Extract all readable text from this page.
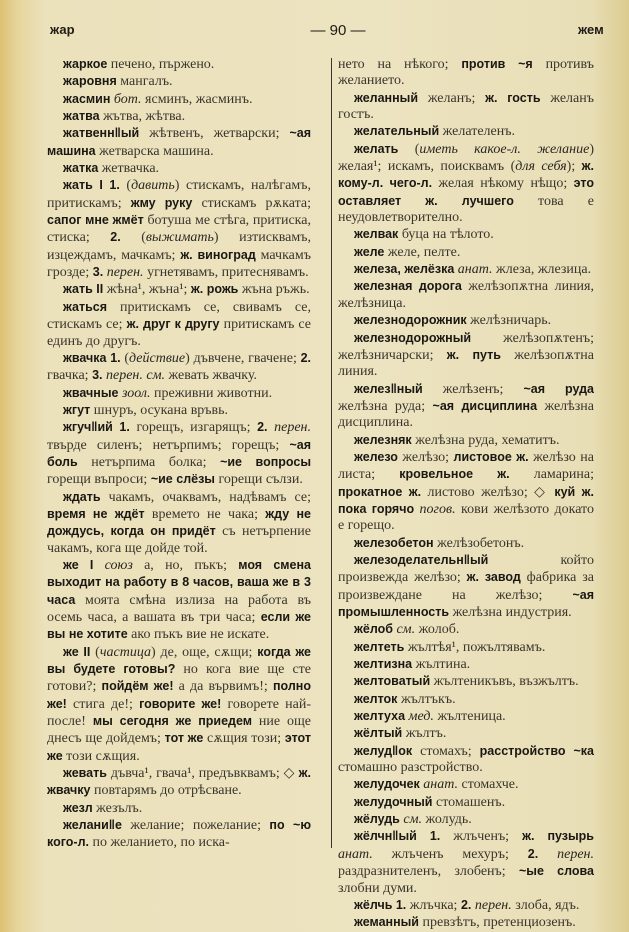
жар	— 90 —	жем

жаркое печено, пържено.

жаровня мангалъ.

жасмин бот. ясминъ, жасминъ.

жатва жътва, жѣтва.

жатвенн‖ый жѣтвенъ, жетварски; ~ая машина жетварска машина.

жатка жетвачка.

жать I 1. (давить) стискамъ, налѣгамъ, притискамъ; жму руку стискамъ рѫката; сапог мне жмёт ботуша ме стѣга, притиска, стиска; 2. (выжимать) изтисквамъ, изцеждамъ, мачкамъ; ж. виноград мачкамъ грозде; 3. перен. угнетявамъ, притеснявамъ.

жать II жѣна¹, жъна¹; ж. рожь жъна ръжь.

жаться притискамъ се, свивамъ се, стискамъ се; ж. друг к другу притискамъ се единъ до другъ.

жвачка 1. (действие) дъвчене, гвачене; 2. гвачка; 3. перен. см. жевать жвачку.

жвачные зоол. преживни животни.

жгут шнуръ, осукана връвь.

жгуч‖ий 1. горещъ, изгарящъ; 2. перен. твърде силенъ; нетърпимъ; горещъ; ~ая боль нетърпима болка; ~ие вопросы горещи въпроси; ~ие слёзы горещи сълзи.

ждать чакамъ, очаквамъ, надѣвамъ се; время не ждёт времето не чака; жду не дождусь, когда он придёт съ нетърпение чакамъ, кога ще дойде той.

же I союз а, но, пъкъ; моя смена выходит на работу в 8 часов, ваша же в 3 часа моята смѣна излиза на работа въ осемь часа, а вашата въ три часа; если же вы не хотите ако пъкъ вие не искате.

же II (частица) де, още, сѫщи; когда же вы будете готовы? но кога вие ще сте готови?; пойдём же! а да вървимъ!; полно же! стига де!; говорите же! говорете най-после! мы сегодня же приедем ние още днесъ ще дойдемъ; тот же сѫщия този; этот же този сѫщия.

жевать дъвча¹, гвача¹, предъвквамъ; ◇ ж. жвачку повтарямъ до отрѣсване.

жезл жезълъ.

желани‖е желание; пожелание; по ~ю кого-л. по желанието, по иска-

нето на нѣкого; против ~я противъ желанието.

желанный желанъ; ж. гость желанъ гостъ.

желательный желателенъ.

желать (иметь какое-л. желание) желая¹; искамъ, поисквамъ (для себя); ж. кому-л. чего-л. желая нѣкому нѣщо; это оставляет ж. лучшего това е неудовлетворително.

желвак буца на тѣлото.

желе желе, пелте.

железа, желёзка анат. жлеза, жлезица.

железная дорога желѣзопѫтна линия, желѣзница.

железнодорожник желѣзничарь.

железнодорожный желѣзопѫтенъ; желѣзничарски; ж. путь желѣзопѫтна линия.

желез‖ный желѣзенъ; ~ая руда желѣзна руда; ~ая дисциплина желѣзна дисциплина.

железняк желѣзна руда, хематитъ.

железо желѣзо; листовое ж. желѣзо на листа; кровельное ж. ламарина; прокатное ж. листово желѣзо; ◇ куй ж. пока горячо погов. кови желѣзото докато е горещо.

железобетон желѣзобетонъ.

железоделательн‖ый който произвежда желѣзо; ж. завод фабрика за произвеждане на желѣзо; ~ая промышленность желѣзна индустрия.

жёлоб см. жолоб.

желтеть жълтѣя¹, пожълтявамъ.

желтизна жълтина.

желтоватый жълтеникъвъ, възжълтъ.

желток жълтъкъ.

желтуха мед. жълтеница.

жёлтый жълтъ.

желуд‖ок стомахъ; расстройство ~ка стомашно разстройство.

желудочек анат. стомахче.

желудочный стомашенъ.

жёлудь см. жолудь.

жёлчн‖ый 1. жлъченъ; ж. пузырь анат. жлъченъ мехуръ; 2. перен. раздразнителенъ, злобенъ; ~ые слова злобни думи.

жёлчь 1. жлъчка; 2. перен. злоба, ядъ.

жеманный превзѣтъ, претенциозенъ.
